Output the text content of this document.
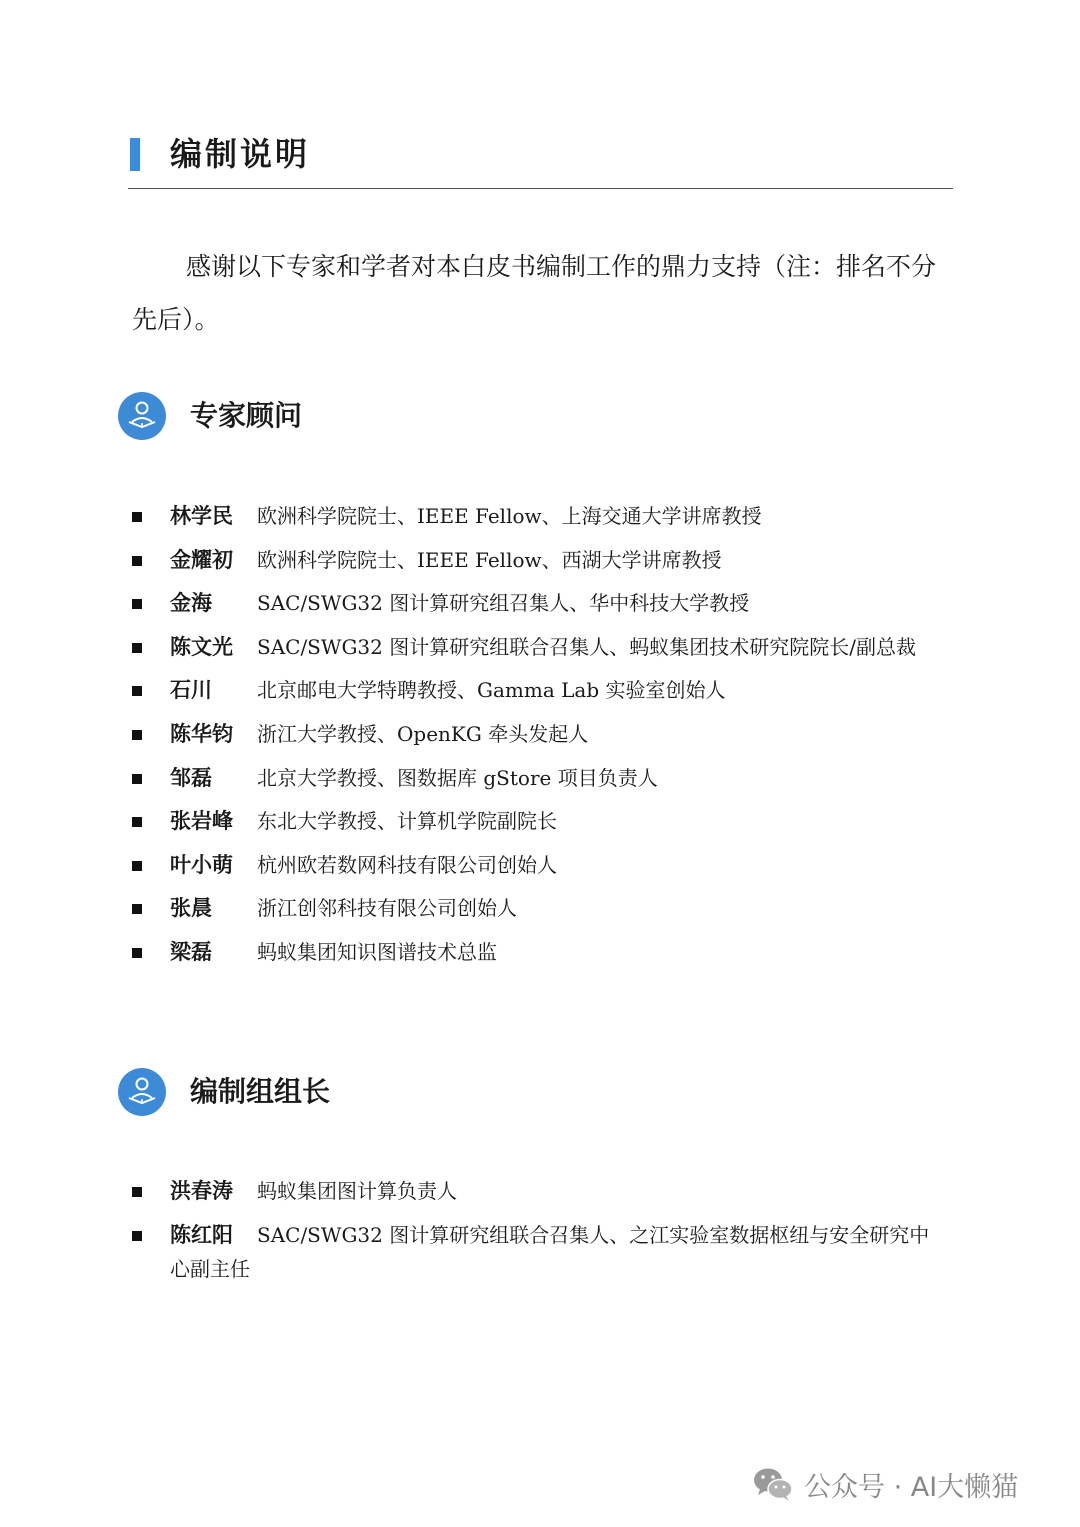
编制说明

感谢以下专家和学者对本白皮书编制工作的鼎力支持（注：排名不分先后）。

专家顾问
林学民 欧洲科学院院士、IEEE Fellow、上海交通大学讲席教授
金耀初 欧洲科学院院士、IEEE Fellow、西湖大学讲席教授
金海 SAC/SWG32 图计算研究组召集人、华中科技大学教授
陈文光 SAC/SWG32 图计算研究组联合召集人、蚂蚁集团技术研究院院长/副总裁
石川 北京邮电大学特聘教授、Gamma Lab 实验室创始人
陈华钧 浙江大学教授、OpenKG 牵头发起人
邹磊 北京大学教授、图数据库 gStore 项目负责人
张岩峰 东北大学教授、计算机学院副院长
叶小萌 杭州欧若数网科技有限公司创始人
张晨 浙江创邻科技有限公司创始人
梁磊 蚂蚁集团知识图谱技术总监
编制组组长
洪春涛 蚂蚁集团图计算负责人
陈红阳 SAC/SWG32 图计算研究组联合召集人、之江实验室数据枢纽与安全研究中
心副主任
公众号 · AI大懒猫
